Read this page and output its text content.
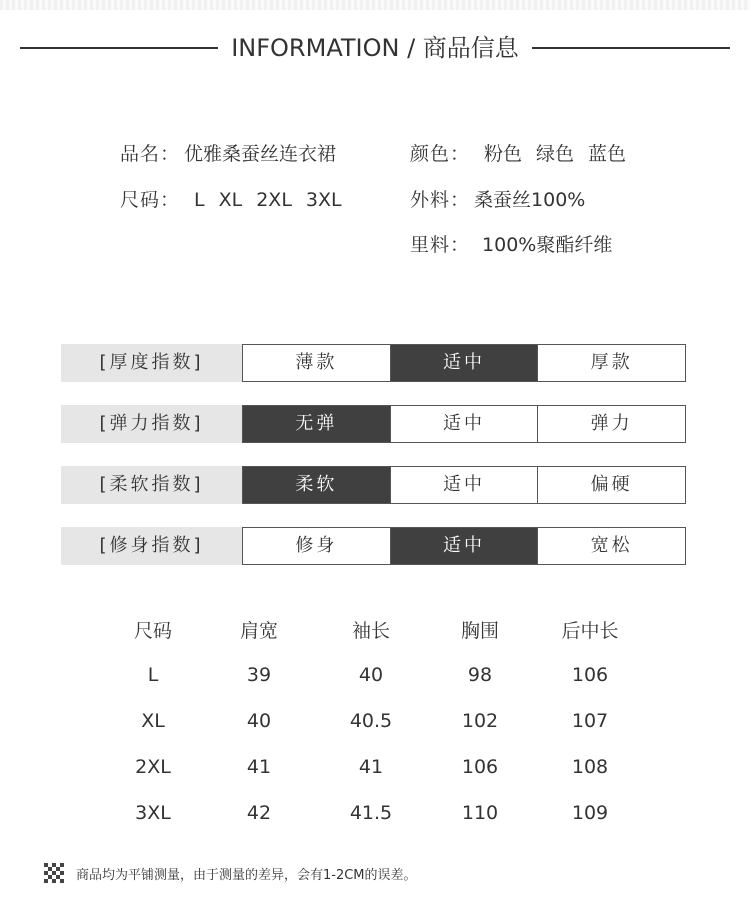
INFORMATION / 商品信息
品名： 优雅桑蚕丝连衣裙
尺码： L XL 2XL 3XL
颜色： 粉色 绿色 蓝色
外料： 桑蚕丝100%
里料： 100%聚酯纤维
[厚度指数]	薄款	适中	厚款
[弹力指数]	无弹	适中	弹力
[柔软指数]	柔软	适中	偏硬
[修身指数]	修身	适中	宽松
尺码	肩宽	袖长	胸围	后中长
L	39	40	98	106
XL	40	40.5	102	107
2XL	41	41	106	108
3XL	42	41.5	110	109
商品均为平铺测量，由于测量的差异，会有1-2CM的误差。
